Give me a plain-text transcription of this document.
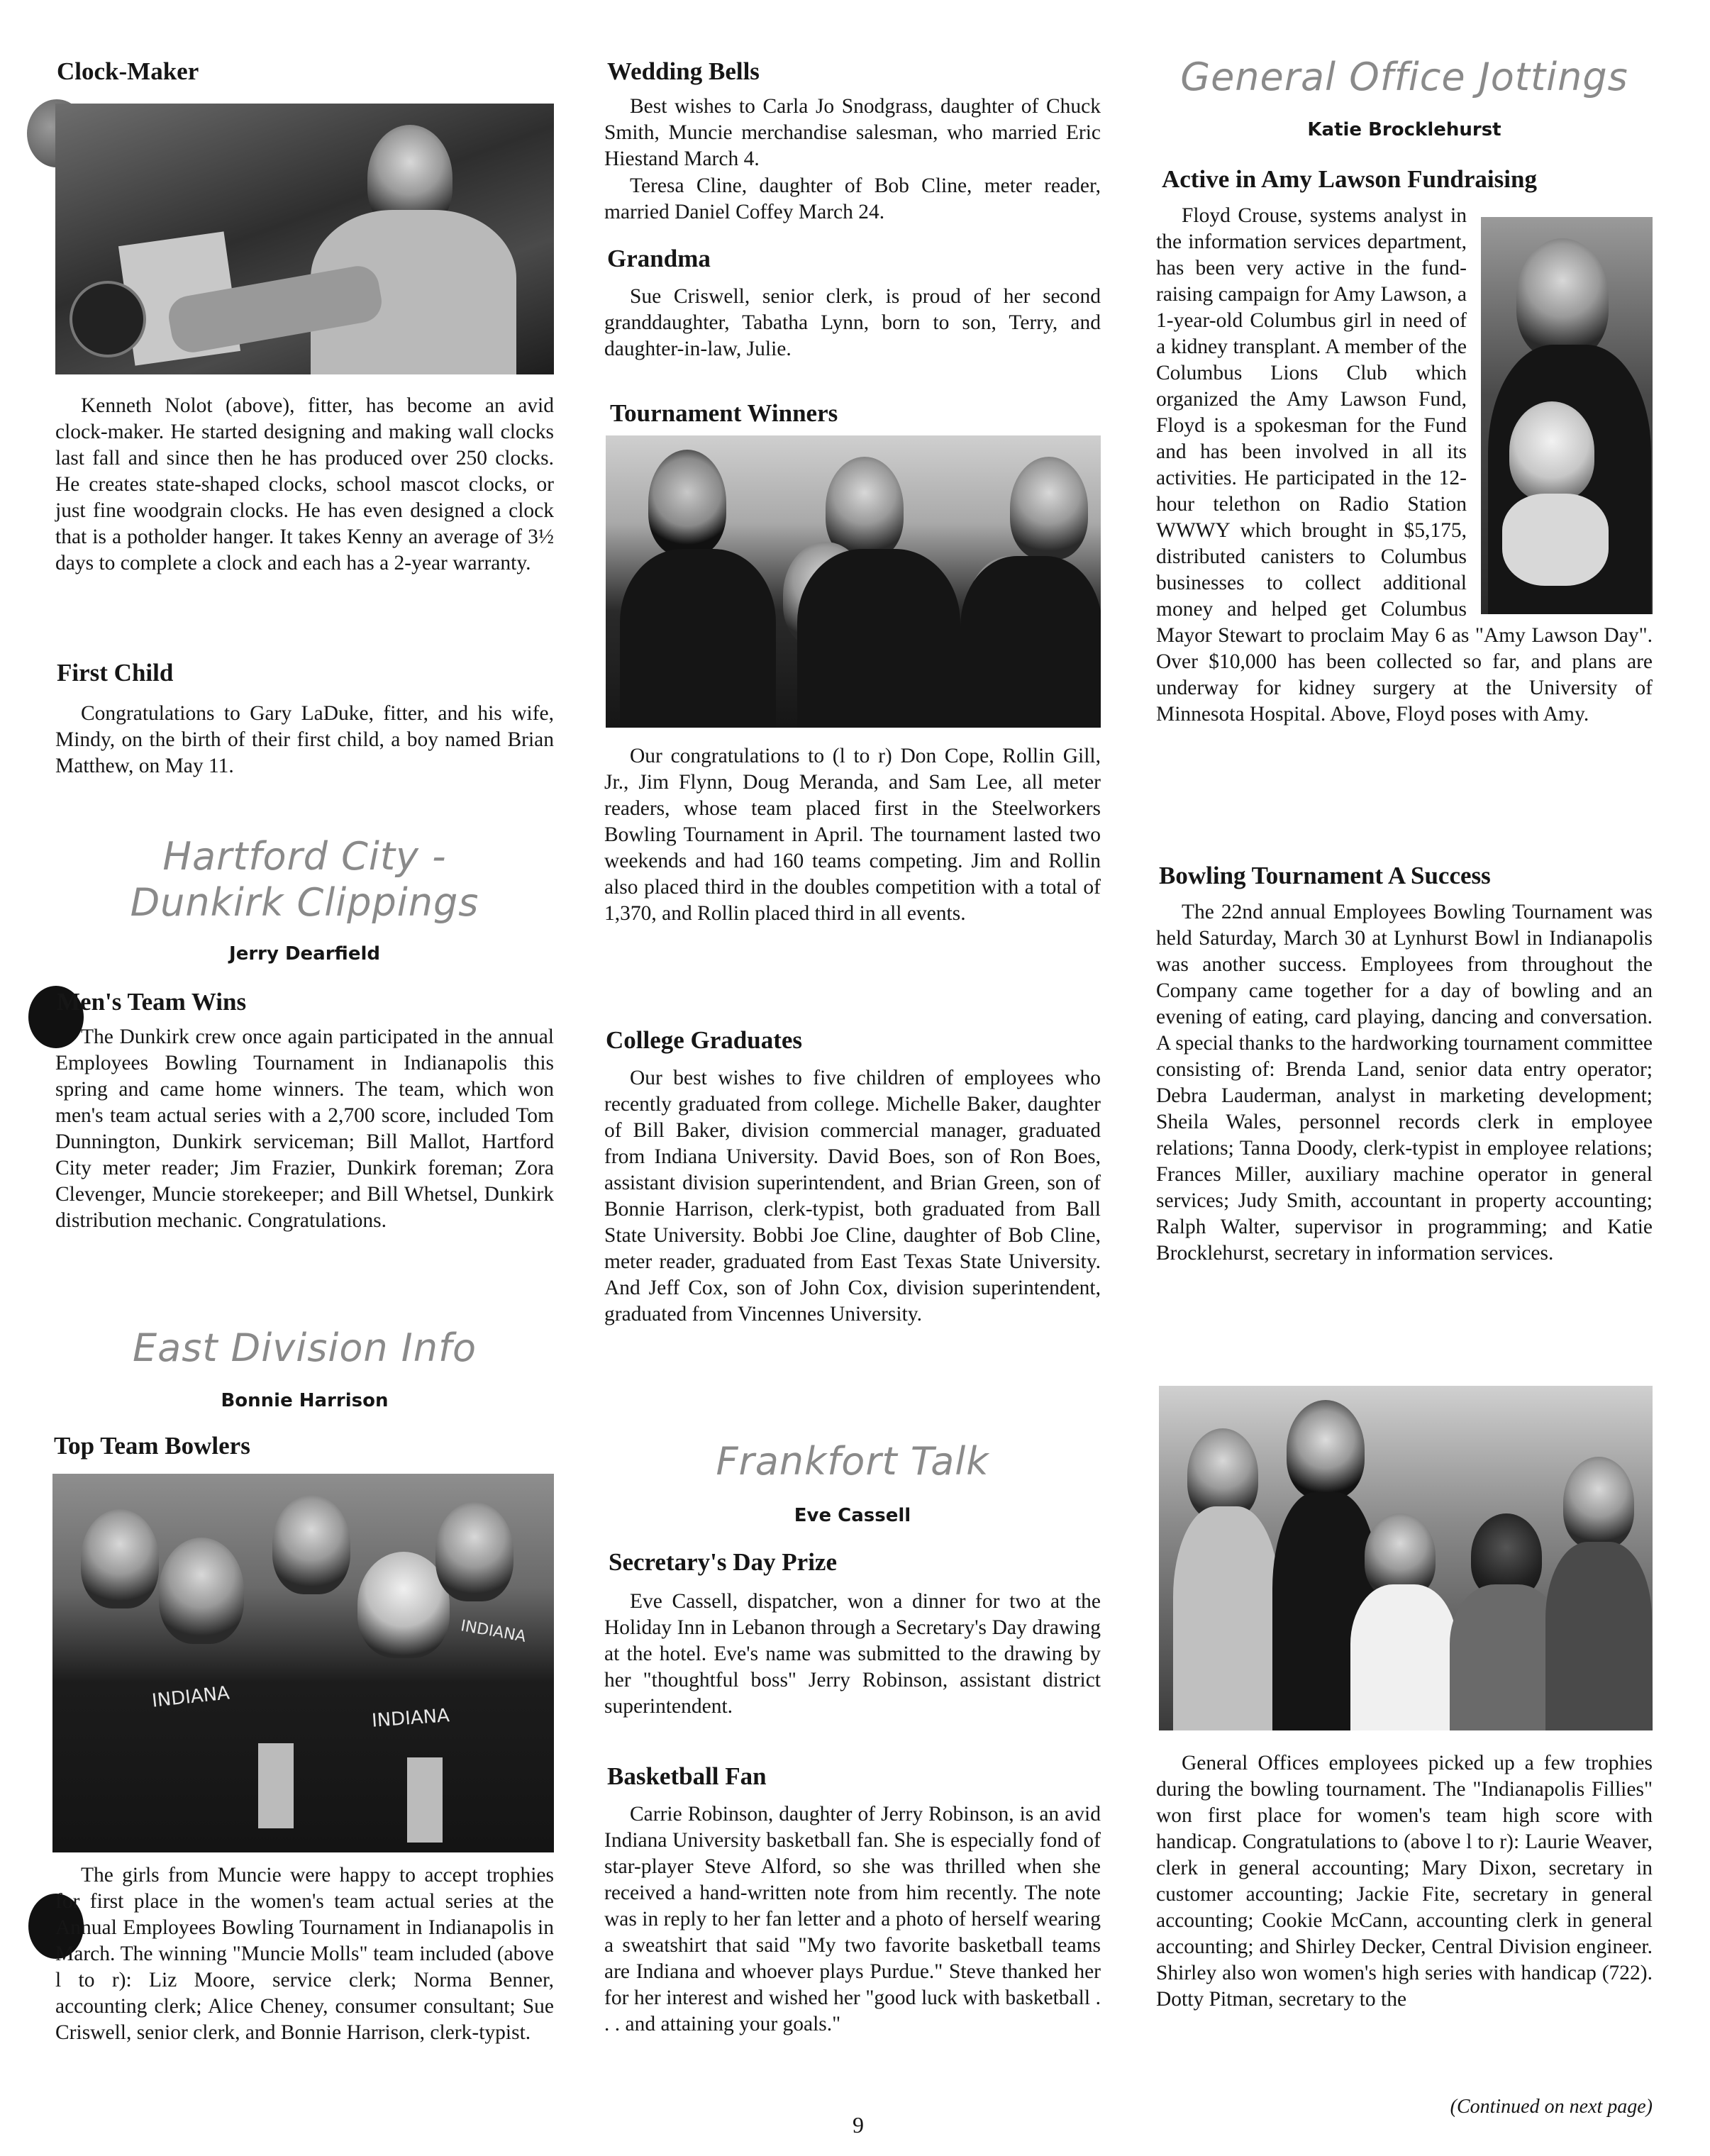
Clock-Maker

Kenneth Nolot (above), fitter, has become an avid clock-maker. He started designing and making wall clocks last fall and since then he has produced over 250 clocks. He creates state-shaped clocks, school mascot clocks, or just fine woodgrain clocks. He has even designed a clock that is a potholder hanger. It takes Kenny an average of 3½ days to complete a clock and each has a 2-year warranty.

First Child

Congratulations to Gary LaDuke, fitter, and his wife, Mindy, on the birth of their first child, a boy named Brian Matthew, on May 11.

Hartford City -

Dunkirk Clippings

Jerry Dearfield

Men's Team Wins

The Dunkirk crew once again participated in the annual Employees Bowling Tournament in Indianapolis this spring and came home winners. The team, which won men's team actual series with a 2,700 score, included Tom Dunnington, Dunkirk serviceman; Bill Mallot, Hartford City meter reader; Jim Frazier, Dunkirk foreman; Zora Clevenger, Muncie storekeeper; and Bill Whetsel, Dunkirk distribution mechanic. Congratulations.

East Division Info

Bonnie Harrison

Top Team Bowlers
INDIANA
INDIANA
INDIANA

The girls from Muncie were happy to accept trophies for first place in the women's team actual series at the Annual Employees Bowling Tournament in Indianapolis in March. The winning "Muncie Molls" team included (above l to r): Liz Moore, service clerk; Norma Benner, accounting clerk; Alice Cheney, consumer consultant; Sue Criswell, senior clerk, and Bonnie Harrison, clerk-typist.

Wedding Bells

Best wishes to Carla Jo Snodgrass, daughter of Chuck Smith, Muncie merchandise salesman, who married Eric Hiestand March 4.

Teresa Cline, daughter of Bob Cline, meter reader, married Daniel Coffey March 24.

Grandma

Sue Criswell, senior clerk, is proud of her second granddaughter, Tabatha Lynn, born to son, Terry, and daughter-in-law, Julie.

Tournament Winners

Our congratulations to (l to r) Don Cope, Rollin Gill, Jr., Jim Flynn, Doug Meranda, and Sam Lee, all meter readers, whose team placed first in the Steelworkers Bowling Tournament in April. The tournament lasted two weekends and had 160 teams competing. Jim and Rollin also placed third in the doubles competition with a total of 1,370, and Rollin placed third in all events.

College Graduates

Our best wishes to five children of employees who recently graduated from college. Michelle Baker, daughter of Bill Baker, division commercial manager, graduated from Indiana University. David Boes, son of Ron Boes, assistant division superintendent, and Brian Green, son of Bonnie Harrison, clerk-typist, both graduated from Ball State University. Bobbi Joe Cline, daughter of Bob Cline, meter reader, graduated from East Texas State University. And Jeff Cox, son of John Cox, division superintendent, graduated from Vincennes University.

Frankfort Talk

Eve Cassell

Secretary's Day Prize

Eve Cassell, dispatcher, won a dinner for two at the Holiday Inn in Lebanon through a Secretary's Day drawing at the hotel. Eve's name was submitted to the drawing by her "thoughtful boss" Jerry Robinson, assistant district superintendent.

Basketball Fan

Carrie Robinson, daughter of Jerry Robinson, is an avid Indiana University basketball fan. She is especially fond of star-player Steve Alford, so she was thrilled when she received a hand-written note from him recently. The note was in reply to her fan letter and a photo of herself wearing a sweatshirt that said "My two favorite basketball teams are Indiana and whoever plays Purdue." Steve thanked her for her interest and wished her "good luck with basketball . . . and attaining your goals."

General Office Jottings

Katie Brocklehurst

Active in Amy Lawson Fundraising

Floyd Crouse, systems analyst in the information services department, has been very active in the fund-raising campaign for Amy Lawson, a 1-year-old Columbus girl in need of a kidney transplant. A member of the Columbus Lions Club which organized the Amy Lawson Fund, Floyd is a spokesman for the Fund and has been involved in all its activities. He participated in the 12-hour telethon on Radio Station WWWY which brought in $5,175, distributed canisters to Columbus businesses to collect additional money and helped get Columbus Mayor Stewart to proclaim May 6 as "Amy Lawson Day". Over $10,000 has been collected so far, and plans are underway for kidney surgery at the University of Minnesota Hospital. Above, Floyd poses with Amy.

Bowling Tournament A Success

The 22nd annual Employees Bowling Tournament was held Saturday, March 30 at Lynhurst Bowl in Indianapolis was another success. Employees from throughout the Company came together for a day of bowling and an evening of eating, card playing, dancing and conversation. A special thanks to the hardworking tournament committee consisting of: Brenda Land, senior data entry operator; Debra Lauderman, analyst in marketing development; Sheila Wales, personnel records clerk in employee relations; Tanna Doody, clerk-typist in employee relations; Frances Miller, auxiliary machine operator in general services; Judy Smith, accountant in property accounting; Ralph Walter, supervisor in programming; and Katie Brocklehurst, secretary in information services.

General Offices employees picked up a few trophies during the bowling tournament. The "Indianapolis Fillies" won first place for women's team high score with handicap. Congratulations to (above l to r): Laurie Weaver, clerk in general accounting; Mary Dixon, secretary in customer accounting; Jackie Fite, secretary in general accounting; Cookie McCann, accounting clerk in general accounting; and Shirley Decker, Central Division engineer. Shirley also won women's high series with handicap (722). Dotty Pitman, secretary to the

(Continued on next page)
9
